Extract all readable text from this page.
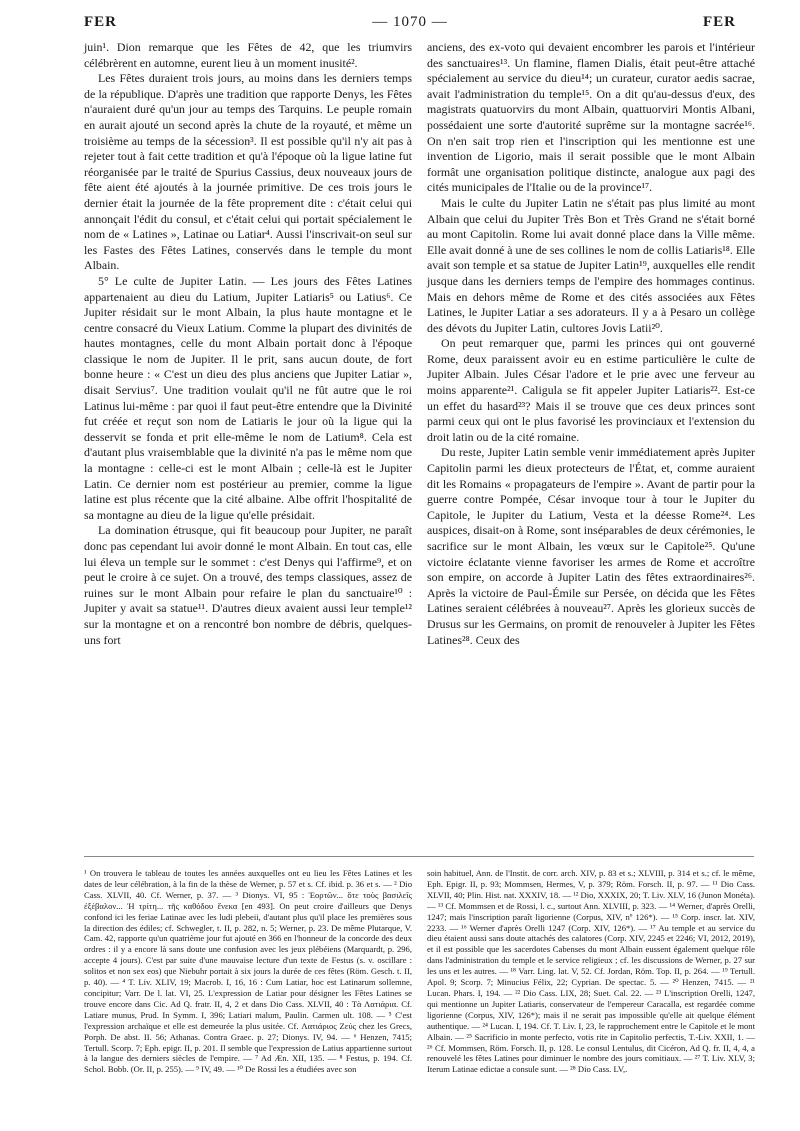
FER	— 1070 —	FER

juin¹. Dion remarque que les Fêtes de 42, que les triumvirs célébrèrent en automne, eurent lieu à un moment inusité².

Les Fêtes duraient trois jours, au moins dans les derniers temps de la république. D'après une tradition que rapporte Denys, les Fêtes n'auraient duré qu'un jour au temps des Tarquins. Le peuple romain en aurait ajouté un second après la chute de la royauté, et même un troisième au temps de la sécession³. Il est possible qu'il n'y ait pas à rejeter tout à fait cette tradition et qu'à l'époque où la ligue latine fut réorganisée par le traité de Spurius Cassius, deux nouveaux jours de fête aient été ajoutés à la journée primitive. De ces trois jours le dernier était la journée de la fête proprement dite : c'était celui qui annonçait l'édit du consul, et c'était celui qui portait spécialement le nom de « Latines », Latinae ou Latiar⁴. Aussi l'inscrivait-on seul sur les Fastes des Fêtes Latines, conservés dans le temple du mont Albain.

5° Le culte de Jupiter Latin. — Les jours des Fêtes Latines appartenaient au dieu du Latium, Jupiter Latiaris⁵ ou Latius⁶. Ce Jupiter résidait sur le mont Albain, la plus haute montagne et le centre consacré du Vieux Latium. Comme la plupart des divinités de hautes montagnes, celle du mont Albain portait donc à l'époque classique le nom de Jupiter. Il le prit, sans aucun doute, de fort bonne heure : « C'est un dieu des plus anciens que Jupiter Latiar », disait Servius⁷. Une tradition voulait qu'il ne fût autre que le roi Latinus lui-même : par quoi il faut peut-être entendre que la Divinité fut créée et reçut son nom de Latiaris le jour où la ligue qui la desservit se fonda et prit elle-même le nom de Latium⁸. Cela est d'autant plus vraisemblable que la divinité n'a pas le même nom que la montagne : celle-ci est le mont Albain ; celle-là est le Jupiter Latin. Ce dernier nom est postérieur au premier, comme la ligue latine est plus récente que la cité albaine. Albe offrit l'hospitalité de sa montagne au dieu de la ligue qu'elle présidait.

La domination étrusque, qui fit beaucoup pour Jupiter, ne paraît donc pas cependant lui avoir donné le mont Albain. En tout cas, elle lui éleva un temple sur le sommet : c'est Denys qui l'affirme⁹, et on peut le croire à ce sujet. On a trouvé, des temps classiques, assez de ruines sur le mont Albain pour refaire le plan du sanctuaire¹⁰ : Jupiter y avait sa statue¹¹. D'autres dieux avaient aussi leur temple¹² sur la montagne et on a rencontré bon nombre de débris, quelques-uns fort

anciens, des ex-voto qui devaient encombrer les parois et l'intérieur des sanctuaires¹³. Un flamine, flamen Dialis, était peut-être attaché spécialement au service du dieu¹⁴; un curateur, curator aedis sacrae, avait l'administration du temple¹⁵. On a dit qu'au-dessus d'eux, des magistrats quatuorvirs du mont Albain, quattuorviri Montis Albani, possédaient une sorte d'autorité suprême sur la montagne sacrée¹⁶. On n'en sait trop rien et l'inscription qui les mentionne est une invention de Ligorio, mais il serait possible que le mont Albain formât une organisation politique distincte, analogue aux pagi des cités municipales de l'Italie ou de la province¹⁷.

Mais le culte du Jupiter Latin ne s'était pas plus limité au mont Albain que celui du Jupiter Très Bon et Très Grand ne s'était borné au mont Capitolin. Rome lui avait donné place dans la Ville même. Elle avait donné à une de ses collines le nom de collis Latiaris¹⁸. Elle avait son temple et sa statue de Jupiter Latin¹⁹, auxquelles elle rendit jusque dans les derniers temps de l'empire des hommages continus. Mais en dehors même de Rome et des cités associées aux Fêtes Latines, le Jupiter Latiar a ses adorateurs. Il y a à Pesaro un collège des dévots du Jupiter Latin, cultores Jovis Latii²⁰.

On peut remarquer que, parmi les princes qui ont gouverné Rome, deux paraissent avoir eu en estime particulière le culte de Jupiter Albain. Jules César l'adore et le prie avec une ferveur au moins apparente²¹. Caligula se fit appeler Jupiter Latiaris²². Est-ce un effet du hasard²³? Mais il se trouve que ces deux princes sont parmi ceux qui ont le plus favorisé les provinciaux et l'extension du droit latin ou de la cité romaine.

Du reste, Jupiter Latin semble venir immédiatement après Jupiter Capitolin parmi les dieux protecteurs de l'État, et, comme auraient dit les Romains « propagateurs de l'empire ». Avant de partir pour la guerre contre Pompée, César invoque tour à tour le Jupiter du Capitole, le Jupiter du Latium, Vesta et la déesse Rome²⁴. Les auspices, disait-on à Rome, sont inséparables de deux cérémonies, le sacrifice sur le mont Albain, les vœux sur le Capitole²⁵. Qu'une victoire éclatante vienne favoriser les armes de Rome et accroître son empire, on accorde à Jupiter Latin des fêtes extraordinaires²⁶. Après la victoire de Paul-Émile sur Persée, on décida que les Fêtes Latines seraient célébrées à nouveau²⁷. Après les glorieux succès de Drusus sur les Germains, on promit de renouveler à Jupiter les Fêtes Latines²⁸. Ceux des

¹ On trouvera le tableau de toutes les années auxquelles ont eu lieu les Fêtes Latines et les dates de leur célébration, à la fin de la thèse de Werner, p. 57 et s. Cf. ibid. p. 36 et s. — ² Dio Cass. XLVII, 40. Cf. Werner, p. 37. — ³ Dionys. VI, 95 : Ἑορτῶν... ὅτε τοὺς βασιλεῖς ἐξέβαλον... Ἡ τρίτη... τῆς καθόδου ἕνεκα [en 493]. On peut croire d'ailleurs que Denys confond ici les feriae Latinae avec les ludi plebeii, d'autant plus qu'il place les premières sous la direction des édiles; cf. Schwegler, t. II, p. 282, n. 5; Werner, p. 23. De même Plutarque, V. Cam. 42, rapporte qu'un quatrième jour fut ajouté en 366 en l'honneur de la concorde des deux ordres : il y a encore là sans doute une confusion avec les jeux plébéiens (Marquardt, p. 296, accepte 4 jours). C'est par suite d'une mauvaise lecture d'un texte de Festus (s. v. oscillare : solitos et non sex eos) que Niebuhr portait à six jours la durée de ces fêtes (Röm. Gesch. t. II, p. 40). — ⁴ T. Liv. XLIV, 19; Macrob. I, 16, 16 : Cum Latiar, hoc est Latinarum sollemne, concipitur; Varr. De l. lat. VI, 25. L'expression de Latiar pour désigner les Fêtes Latines se trouve encore dans Cic. Ad Q. fratr. II, 4, 2 et dans Dio Cass. XLVII, 40 : Τὰ Λατιάρια. Cf. Latiare munus, Prud. In Symm. I, 396; Latiari malum, Paulin. Carmen ult. 108. — ⁵ C'est l'expression archaïque et elle est demeurée la plus usitée. Cf. Λατιάριος Ζεύς chez les Grecs, Porph. De abst. II. 56; Athanas. Contra Graec. p. 27; Dionys. IV, 94. — ⁶ Henzen, 7415; Tertull. Scorp. 7; Eph. epigr. II, p. 201. Il semble que l'expression de Latius appartienne surtout à la langue des derniers siècles de l'empire. — ⁷ Ad Æn. XII, 135. — ⁸ Festus, p. 194. Cf. Schol. Bobb. (Or. II, p. 255). — ⁹ IV, 49. — ¹⁰ De Rossi les a étudiées avec son

soin habituel, Ann. de l'Instit. de corr. arch. XIV, p. 83 et s.; XLVIII, p. 314 et s.; cf. le même, Eph. Epigr. II, p. 93; Mommsen, Hermes, V, p. 379; Röm. Forsch. II, p. 97. — ¹¹ Dio Cass. XLVII, 40; Plin. Hist. nat. XXXIV, 18. — ¹² Dio, XXXIX, 20; T. Liv. XLV, 16 (Junon Monéta). — ¹³ Cf. Mommsen et de Rossi, l. c., surtout Ann. XLVIII, p. 323. — ¹⁴ Werner, d'après Orelli, 1247; mais l'inscription paraît ligorienne (Corpus, XIV, nº 126*). — ¹⁵ Corp. inscr. lat. XIV, 2233. — ¹⁶ Werner d'après Orelli 1247 (Corp. XIV, 126*). — ¹⁷ Au temple et au service du dieu étaient aussi sans doute attachés des calatores (Corp. XIV, 2245 et 2246; VI, 2012, 2019), et il est possible que les sacerdotes Cabenses du mont Albain eussent également quelque rôle dans l'administration du temple et le service religieux ; cf. les discussions de Werner, p. 27 sur les uns et les autres. — ¹⁸ Varr. Ling. lat. V, 52. Cf. Jordan, Röm. Top. II, p. 264. — ¹⁹ Tertull. Apol. 9; Scorp. 7; Minucius Félix, 22; Cyprian. De spectac. 5. — ²⁰ Henzen, 7415. — ²¹ Lucan. Phars. I, 194. — ²² Dio Cass. LIX, 28; Suet. Cal. 22. — ²³ L'inscription Orelli, 1247, qui mentionne un Jupiter Latiaris, conservateur de l'empereur Caracalla, est regardée comme ligorienne (Corpus, XIV, 126*); mais il ne serait pas impossible qu'elle ait quelque élément authentique. — ²⁴ Lucan. I, 194. Cf. T. Liv. I, 23, le rapprochement entre le Capitole et le mont Albain. — ²⁵ Sacrificio in monte perfecto, votis rite in Capitolio perfectis, T.-Liv. XXII, 1. — ²⁶ Cf. Mommsen, Röm. Forsch. II, p. 128. Le consul Lentulus, dit Cicéron, Ad Q. fr. II, 4, 4, a renouvelé les fêtes Latines pour diminuer le nombre des jours comitiaux. — ²⁷ T. Liv. XLV, 3; Iterum Latinae edictae a consule sunt. — ²⁸ Dio Cass. LV,.
